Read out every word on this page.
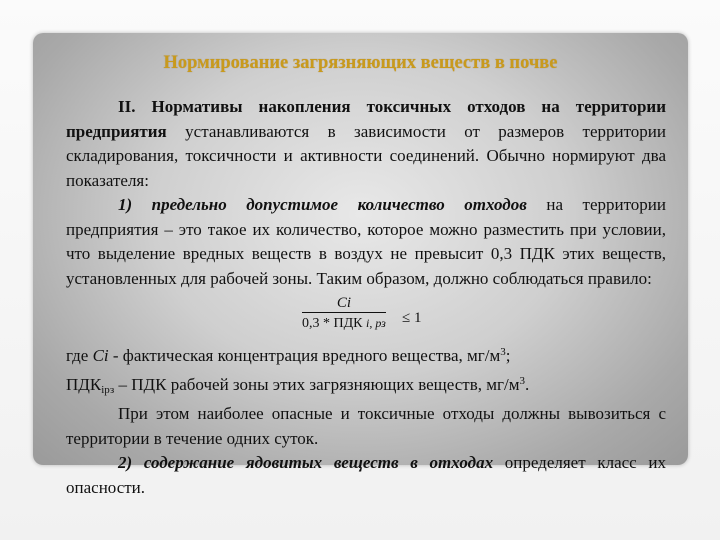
Нормирование загрязняющих веществ в почве

II. Нормативы накопления токсичных отходов на территории предприятия устанавливаются в зависимости от размеров территории складирования, токсичности и активности соединений. Обычно нормируют два показателя:

1) предельно допустимое количество отходов на территории предприятия – это такое их количество, которое можно разместить при условии, что выделение вредных веществ в воздух не превысит 0,3 ПДК этих веществ, установленных для рабочей зоны. Таким образом, должно соблюдаться правило:

Ci
0,3 * ПДК i, рз ≤ 1

где Ci - фактическая концентрация вредного вещества, $мг/м^3$;

$ПДК_{iрз}$ – ПДК рабочей зоны этих загрязняющих веществ, $мг/м^3$.

При этом наиболее опасные и токсичные отходы должны вывозиться с территории в течение одних суток.

2) содержание ядовитых веществ в отходах определяет класс их опасности.
